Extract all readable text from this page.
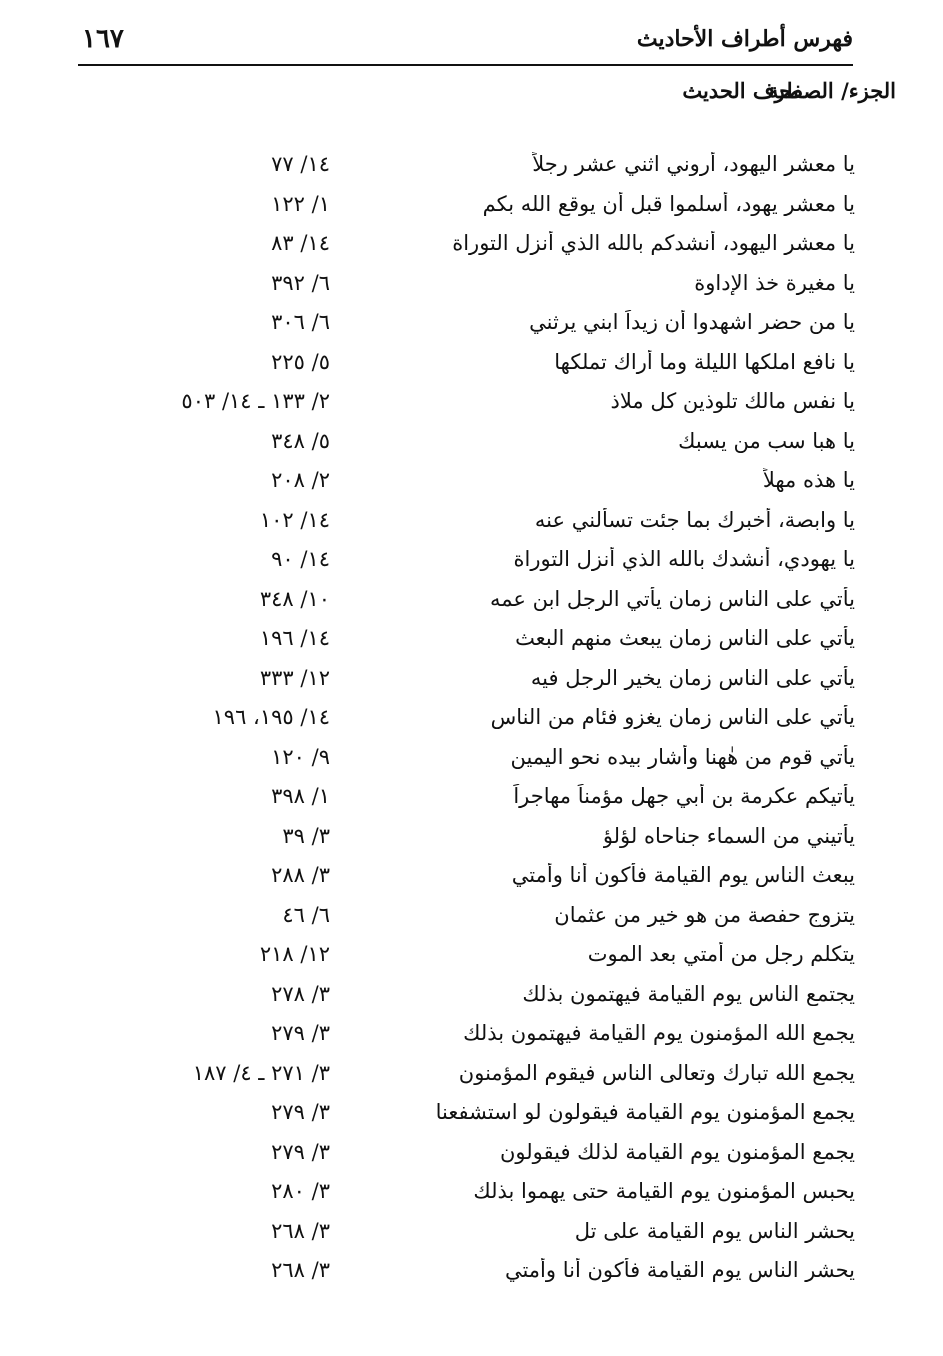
فهرس أطراف الأحاديث
١٦٧
طرف الحديث
الجزء/ الصفحة
يا معشر اليهود، أروني اثني عشر رجلاً
١٤/ ٧٧
يا معشر يهود، أسلموا قبل أن يوقع الله بكم
١/ ١٢٢
يا معشر اليهود، أنشدكم بالله الذي أنزل التوراة
١٤/ ٨٣
يا مغيرة خذ الإداوة
٦/ ٣٩٢
يا من حضر اشهدوا أن زيداً ابني يرثني
٦/ ٣٠٦
يا نافع املكها الليلة وما أراك تملكها
٥/ ٢٢٥
يا نفس مالك تلوذين كل ملاذ
٢/ ١٣٣ ـ ١٤/ ٥٠٣
يا هبا سب من يسبك
٥/ ٣٤٨
يا هذه مهلاً
٢/ ٢٠٨
يا وابصة، أخبرك بما جئت تسألني عنه
١٤/ ١٠٢
يا يهودي، أنشدك بالله الذي أنزل التوراة
١٤/ ٩٠
يأتي على الناس زمان يأتي الرجل ابن عمه
١٠/ ٣٤٨
يأتي على الناس زمان يبعث منهم البعث
١٤/ ١٩٦
يأتي على الناس زمان يخير الرجل فيه
١٢/ ٣٣٣
يأتي على الناس زمان يغزو فئام من الناس
١٤/ ١٩٥، ١٩٦
يأتي قوم من هٰهنا وأشار بيده نحو اليمين
٩/ ١٢٠
يأتيكم عكرمة بن أبي جهل مؤمناً مهاجراً
١/ ٣٩٨
يأتيني من السماء جناحاه لؤلؤ
٣/ ٣٩
يبعث الناس يوم القيامة فأكون أنا وأمتي
٣/ ٢٨٨
يتزوج حفصة من هو خير من عثمان
٦/ ٤٦
يتكلم رجل من أمتي بعد الموت
١٢/ ٢١٨
يجتمع الناس يوم القيامة فيهتمون بذلك
٣/ ٢٧٨
يجمع الله المؤمنون يوم القيامة فيهتمون بذلك
٣/ ٢٧٩
يجمع الله تبارك وتعالى الناس فيقوم المؤمنون
٣/ ٢٧١ ـ ٤/ ١٨٧
يجمع المؤمنون يوم القيامة فيقولون لو استشفعنا
٣/ ٢٧٩
يجمع المؤمنون يوم القيامة لذلك فيقولون
٣/ ٢٧٩
يحبس المؤمنون يوم القيامة حتى يهموا بذلك
٣/ ٢٨٠
يحشر الناس يوم القيامة على تل
٣/ ٢٦٨
يحشر الناس يوم القيامة فأكون أنا وأمتي
٣/ ٢٦٨
